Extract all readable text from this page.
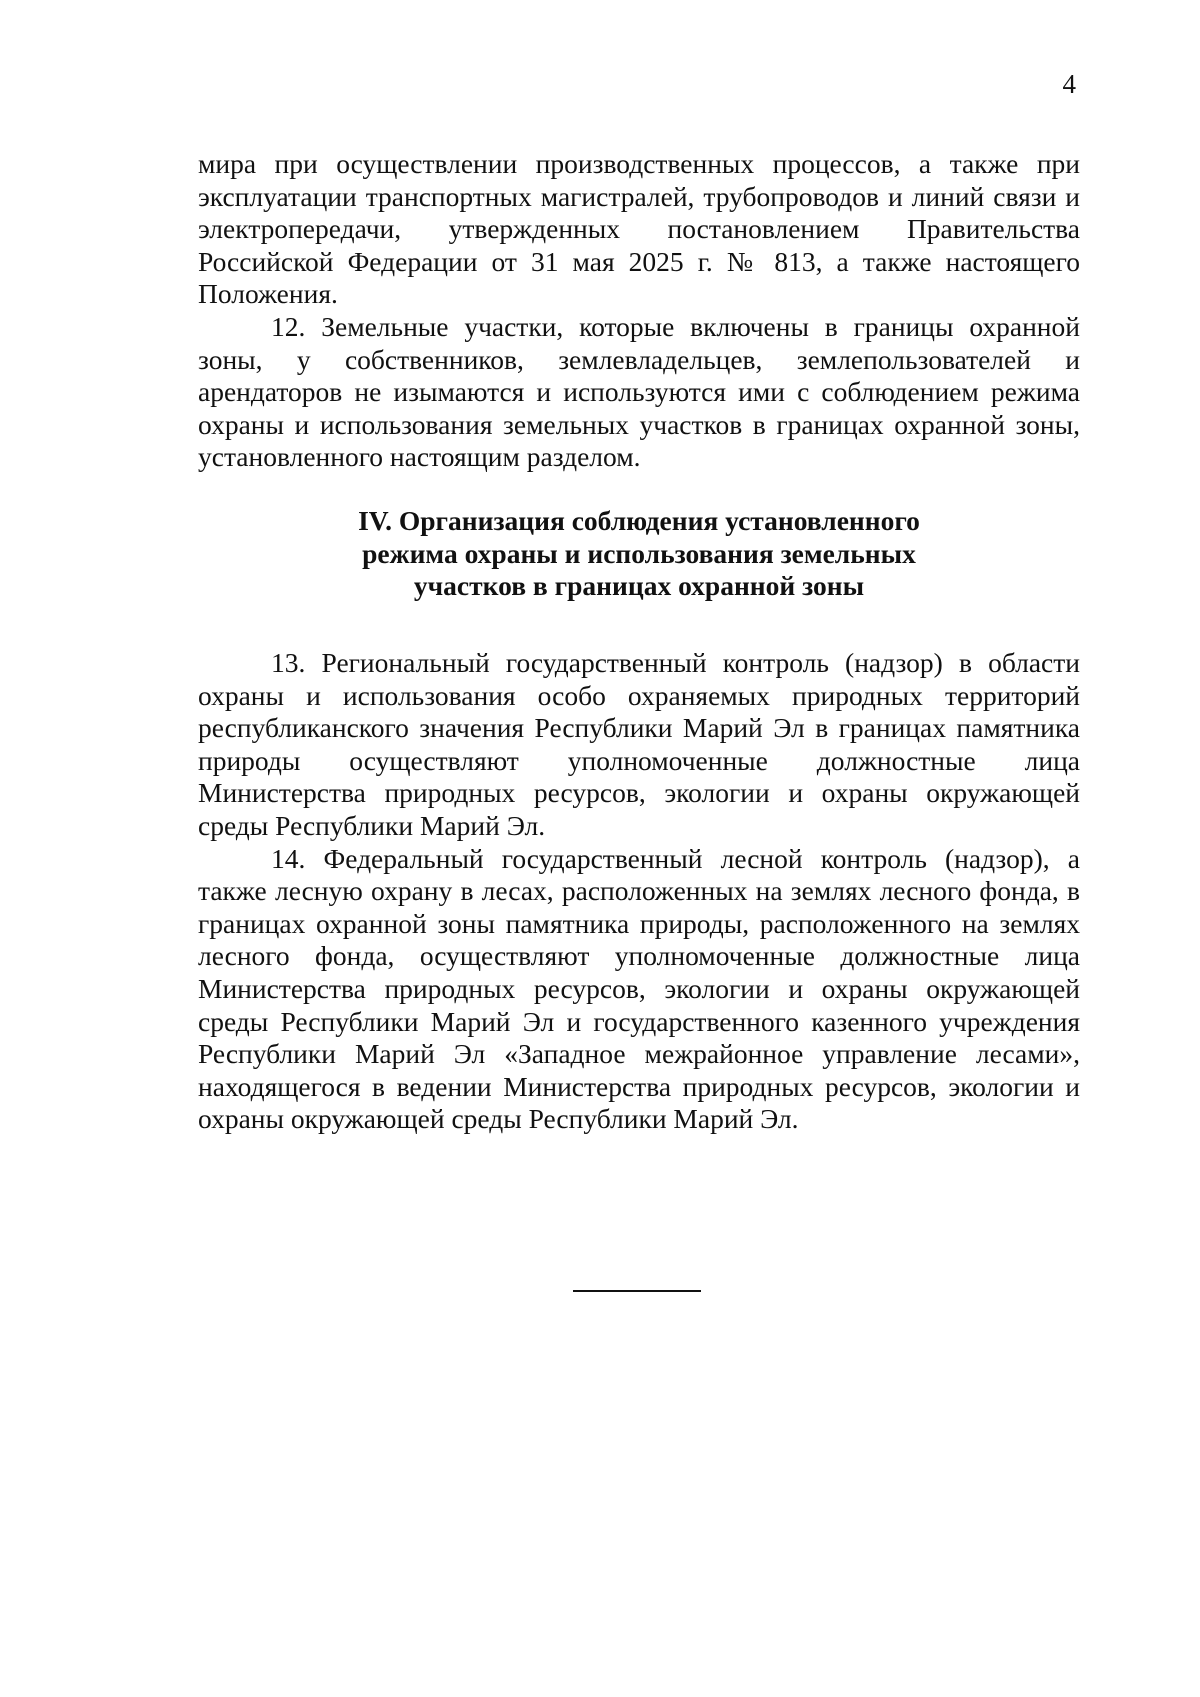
4

мира при осуществлении производственных процессов, а также при эксплуатации транспортных магистралей, трубопроводов и линий связи и электропередачи, утвержденных постановлением Правительства Российской Федерации от 31 мая 2025 г. № 813, а также настоящего Положения.

12. Земельные участки, которые включены в границы охранной зоны, у собственников, землевладельцев, землепользователей и арендаторов не изымаются и используются ими с соблюдением режима охраны и использования земельных участков в границах охранной зоны, установленного настоящим разделом.

IV. Организация соблюдения установленного
режима охраны и использования земельных
участков в границах охранной зоны

13. Региональный государственный контроль (надзор) в области охраны и использования особо охраняемых природных территорий республиканского значения Республики Марий Эл в границах памятника природы осуществляют уполномоченные должностные лица Министерства природных ресурсов, экологии и охраны окружающей среды Республики Марий Эл.

14. Федеральный государственный лесной контроль (надзор), а также лесную охрану в лесах, расположенных на землях лесного фонда, в границах охранной зоны памятника природы, расположенного на землях лесного фонда, осуществляют уполномоченные должностные лица Министерства природных ресурсов, экологии и охраны окружающей среды Республики Марий Эл и государственного казенного учреждения Республики Марий Эл «Западное межрайонное управление лесами», находящегося в ведении Министерства природных ресурсов, экологии и охраны окружающей среды Республики Марий Эл.
